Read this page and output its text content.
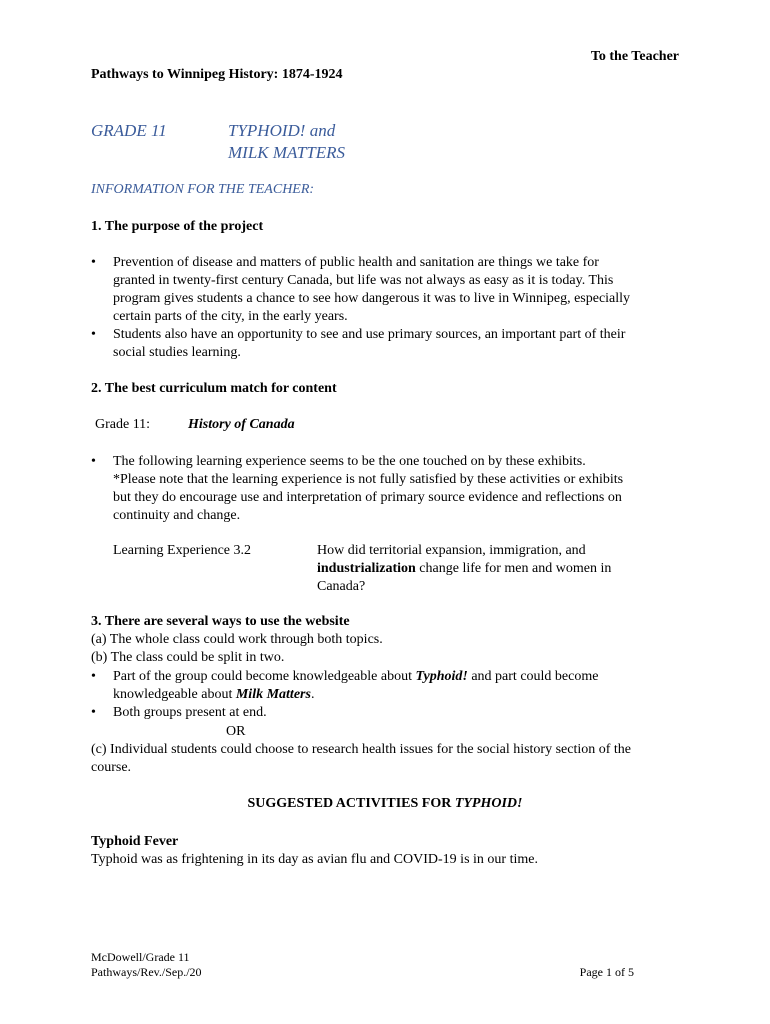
To the Teacher

Pathways to Winnipeg History: 1874-1924

GRADE 11	TYPHOID! and
MILK MATTERS

INFORMATION FOR THE TEACHER:

1. The purpose of the project

• Prevention of disease and matters of public health and sanitation are things we take for
granted in twenty-first century Canada, but life was not always as easy as it is today. This
program gives students a chance to see how dangerous it was to live in Winnipeg, especially
certain parts of the city, in the early years.
• Students also have an opportunity to see and use primary sources, an important part of their
social studies learning.

2. The best curriculum match for content

Grade 11:	History of Canada

• The following learning experience seems to be the one touched on by these exhibits.
*Please note that the learning experience is not fully satisfied by these activities or exhibits
but they do encourage use and interpretation of primary source evidence and reflections on
continuity and change.

Learning Experience 3.2	How did territorial expansion, immigration, and
industrialization change life for men and women in
Canada?

3. There are several ways to use the website

(a) The whole class could work through both topics.

(b) The class could be split in two.

• Part of the group could become knowledgeable about Typhoid! and part could become
knowledgeable about Milk Matters.
• Both groups present at end.

OR

(c) Individual students could choose to research health issues for the social history section of the

course.

SUGGESTED ACTIVITIES FOR TYPHOID!

Typhoid Fever

Typhoid was as frightening in its day as avian flu and COVID-19 is in our time.

McDowell/Grade 11
Pathways/Rev./Sep./20	Page 1 of 5
